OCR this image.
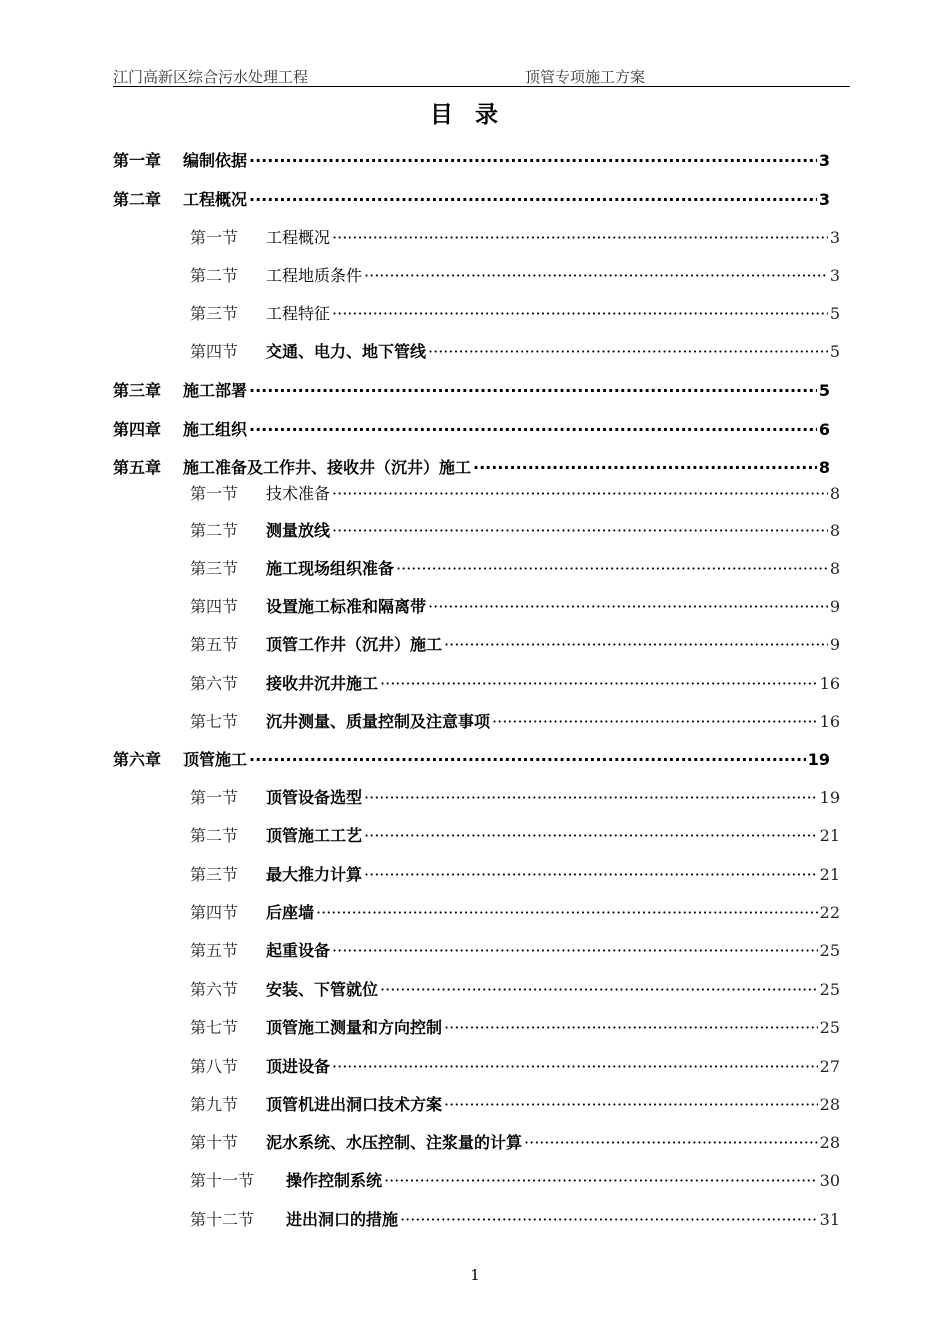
江门高新区综合污水处理工程	顶管专项施工方案
目录
第一章	编制依据 ·····	3
第二章	工程概况 ·····	3
第一节	工程概况 ·····	3
第二节	工程地质条件 ·····	3
第三节	工程特征 ·····	5
第四节	交通、电力、地下管线 ·····	5
第三章	施工部署 ·····	5
第四章	施工组织 ·····	6
第五章	施工准备及工作井、接收井（沉井）施工 ·····	8
第一节	技术准备 ·····	8
第二节	测量放线 ·····	8
第三节	施工现场组织准备 ·····	8
第四节	设置施工标准和隔离带 ·····	9
第五节	顶管工作井（沉井）施工 ·····	9
第六节	接收井沉井施工 ·····	16
第七节	沉井测量、质量控制及注意事项 ·····	16
第六章	顶管施工 ·····	19
第一节	顶管设备选型 ·····	19
第二节	顶管施工工艺 ·····	21
第三节	最大推力计算 ·····	21
第四节	后座墙 ·····	22
第五节	起重设备 ·····	25
第六节	安装、下管就位 ·····	25
第七节	顶管施工测量和方向控制 ·····	25
第八节	顶进设备 ·····	27
第九节	顶管机进出洞口技术方案 ·····	28
第十节	泥水系统、水压控制、注浆量的计算 ·····	28
第十一节	操作控制系统 ·····	30
第十二节	进出洞口的措施 ·····	31
1
